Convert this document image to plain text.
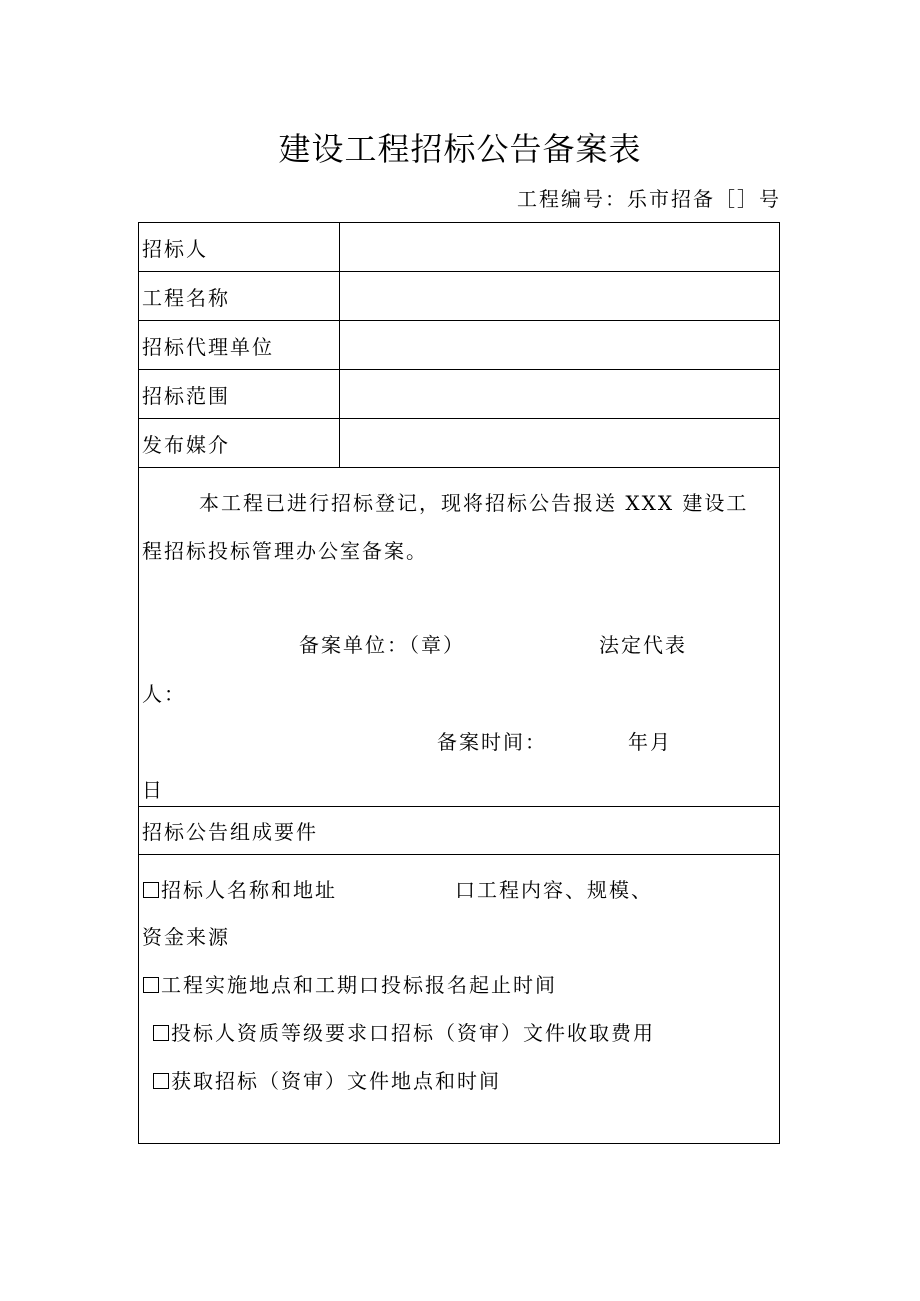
建设工程招标公告备案表
工程编号：乐市招备［］号
招标人
工程名称
招标代理单位
招标范围
发布媒介
本工程已进行招标登记，现将招标公告报送 XXX 建设工
程招标投标管理办公室备案。
备案单位：（章）	法定代表
人：
备案时间：	年月
日
招标公告组成要件
招标人名称和地址	口工程内容、规模、
资金来源
工程实施地点和工期口投标报名起止时间
投标人资质等级要求口招标（资审）文件收取费用
获取招标（资审）文件地点和时间
